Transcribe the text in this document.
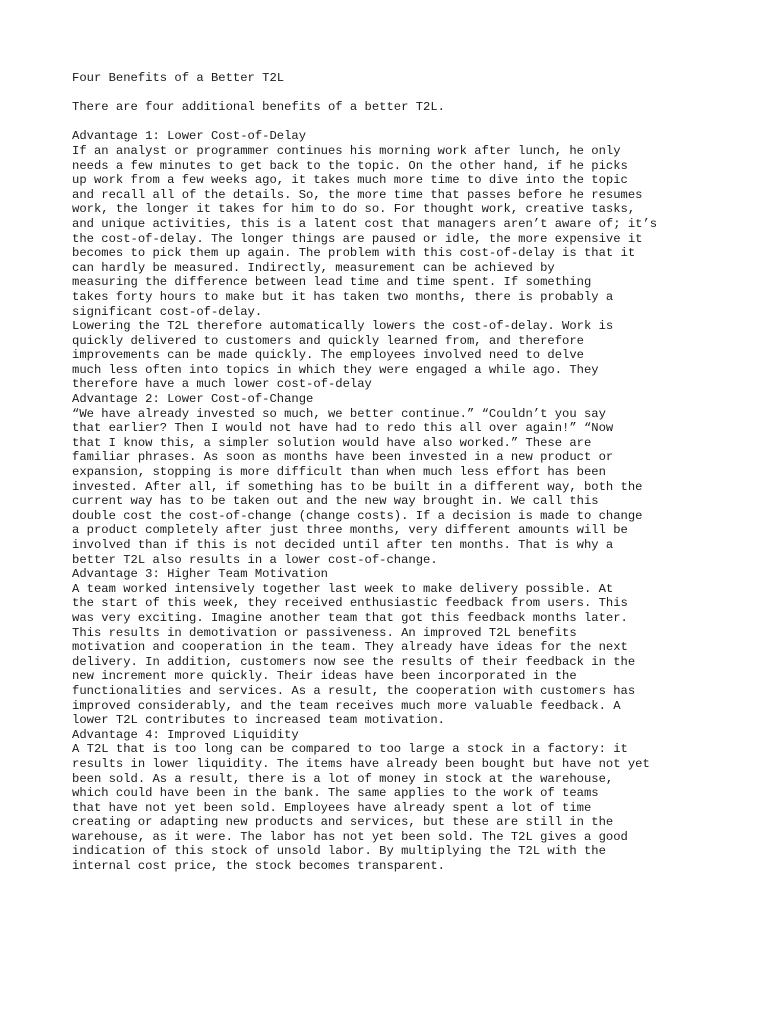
Four Benefits of a Better T2L
There are four additional benefits of a better T2L.
Advantage 1: Lower Cost-of-Delay
If an analyst or programmer continues his morning work after lunch, he only
needs a few minutes to get back to the topic. On the other hand, if he picks
up work from a few weeks ago, it takes much more time to dive into the topic
and recall all of the details. So, the more time that passes before he resumes
work, the longer it takes for him to do so. For thought work, creative tasks,
and unique activities, this is a latent cost that managers aren’t aware of; it’s
the cost-of-delay. The longer things are paused or idle, the more expensive it
becomes to pick them up again. The problem with this cost-of-delay is that it
can hardly be measured. Indirectly, measurement can be achieved by
measuring the difference between lead time and time spent. If something
takes forty hours to make but it has taken two months, there is probably a
significant cost-of-delay.
Lowering the T2L therefore automatically lowers the cost-of-delay. Work is
quickly delivered to customers and quickly learned from, and therefore
improvements can be made quickly. The employees involved need to delve
much less often into topics in which they were engaged a while ago. They
therefore have a much lower cost-of-delay
Advantage 2: Lower Cost-of-Change
“We have already invested so much, we better continue.” “Couldn’t you say
that earlier? Then I would not have had to redo this all over again!” “Now
that I know this, a simpler solution would have also worked.” These are
familiar phrases. As soon as months have been invested in a new product or
expansion, stopping is more difficult than when much less effort has been
invested. After all, if something has to be built in a different way, both the
current way has to be taken out and the new way brought in. We call this
double cost the cost-of-change (change costs). If a decision is made to change
a product completely after just three months, very different amounts will be
involved than if this is not decided until after ten months. That is why a
better T2L also results in a lower cost-of-change.
Advantage 3: Higher Team Motivation
A team worked intensively together last week to make delivery possible. At
the start of this week, they received enthusiastic feedback from users. This
was very exciting. Imagine another team that got this feedback months later.
This results in demotivation or passiveness. An improved T2L benefits
motivation and cooperation in the team. They already have ideas for the next
delivery. In addition, customers now see the results of their feedback in the
new increment more quickly. Their ideas have been incorporated in the
functionalities and services. As a result, the cooperation with customers has
improved considerably, and the team receives much more valuable feedback. A
lower T2L contributes to increased team motivation.
Advantage 4: Improved Liquidity
A T2L that is too long can be compared to too large a stock in a factory: it
results in lower liquidity. The items have already been bought but have not yet
been sold. As a result, there is a lot of money in stock at the warehouse,
which could have been in the bank. The same applies to the work of teams
that have not yet been sold. Employees have already spent a lot of time
creating or adapting new products and services, but these are still in the
warehouse, as it were. The labor has not yet been sold. The T2L gives a good
indication of this stock of unsold labor. By multiplying the T2L with the
internal cost price, the stock becomes transparent.
